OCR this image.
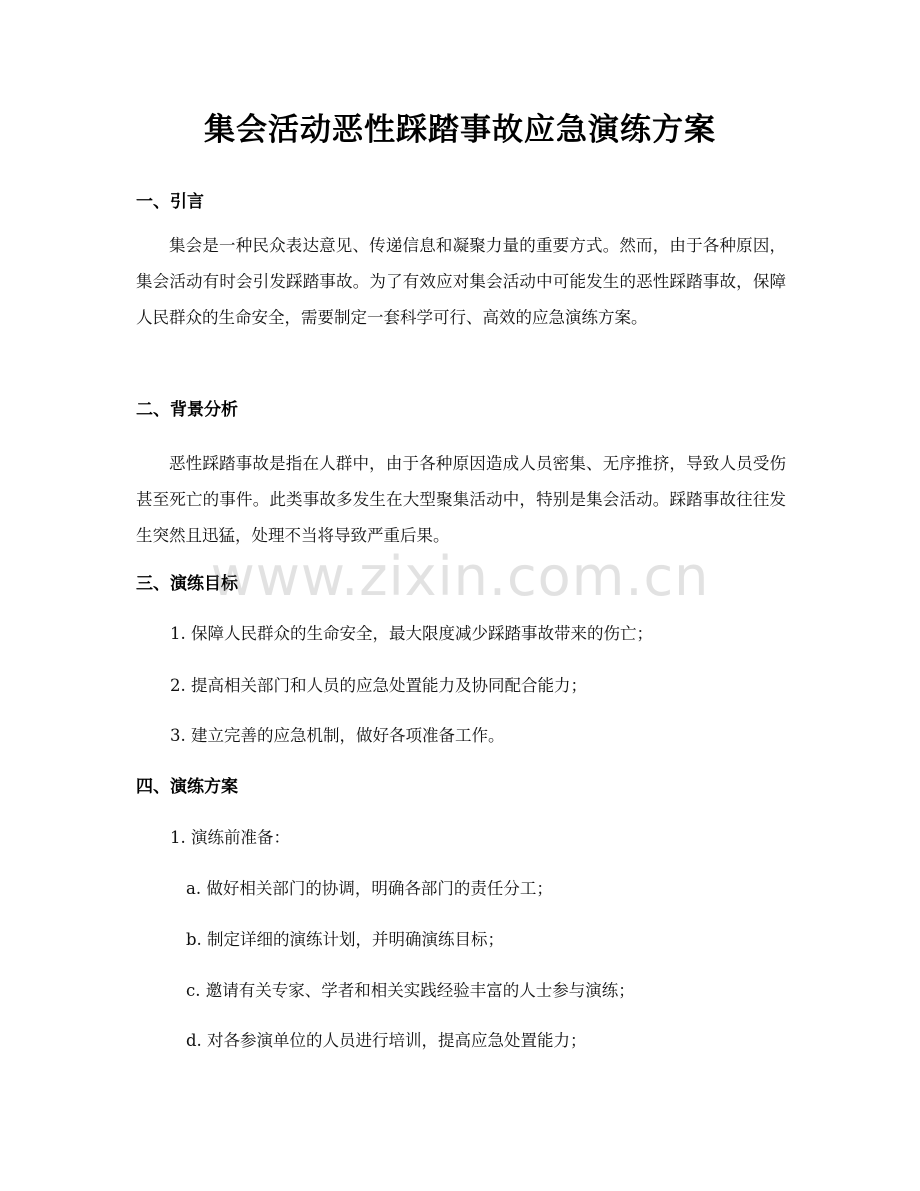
集会活动恶性踩踏事故应急演练方案
一、引言

集会是一种民众表达意见、传递信息和凝聚力量的重要方式。然而，由于各种原因，集会活动有时会引发踩踏事故。为了有效应对集会活动中可能发生的恶性踩踏事故，保障人民群众的生命安全，需要制定一套科学可行、高效的应急演练方案。

二、背景分析

恶性踩踏事故是指在人群中，由于各种原因造成人员密集、无序推挤，导致人员受伤甚至死亡的事件。此类事故多发生在大型聚集活动中，特别是集会活动。踩踏事故往往发生突然且迅猛，处理不当将导致严重后果。

三、演练目标
1. 保障人民群众的生命安全，最大限度减少踩踏事故带来的伤亡；
2. 提高相关部门和人员的应急处置能力及协同配合能力；
3. 建立完善的应急机制，做好各项准备工作。
四、演练方案
1. 演练前准备：
a. 做好相关部门的协调，明确各部门的责任分工；
b. 制定详细的演练计划，并明确演练目标；
c. 邀请有关专家、学者和相关实践经验丰富的人士参与演练；
d. 对各参演单位的人员进行培训，提高应急处置能力；
www.zixin.com.cn
